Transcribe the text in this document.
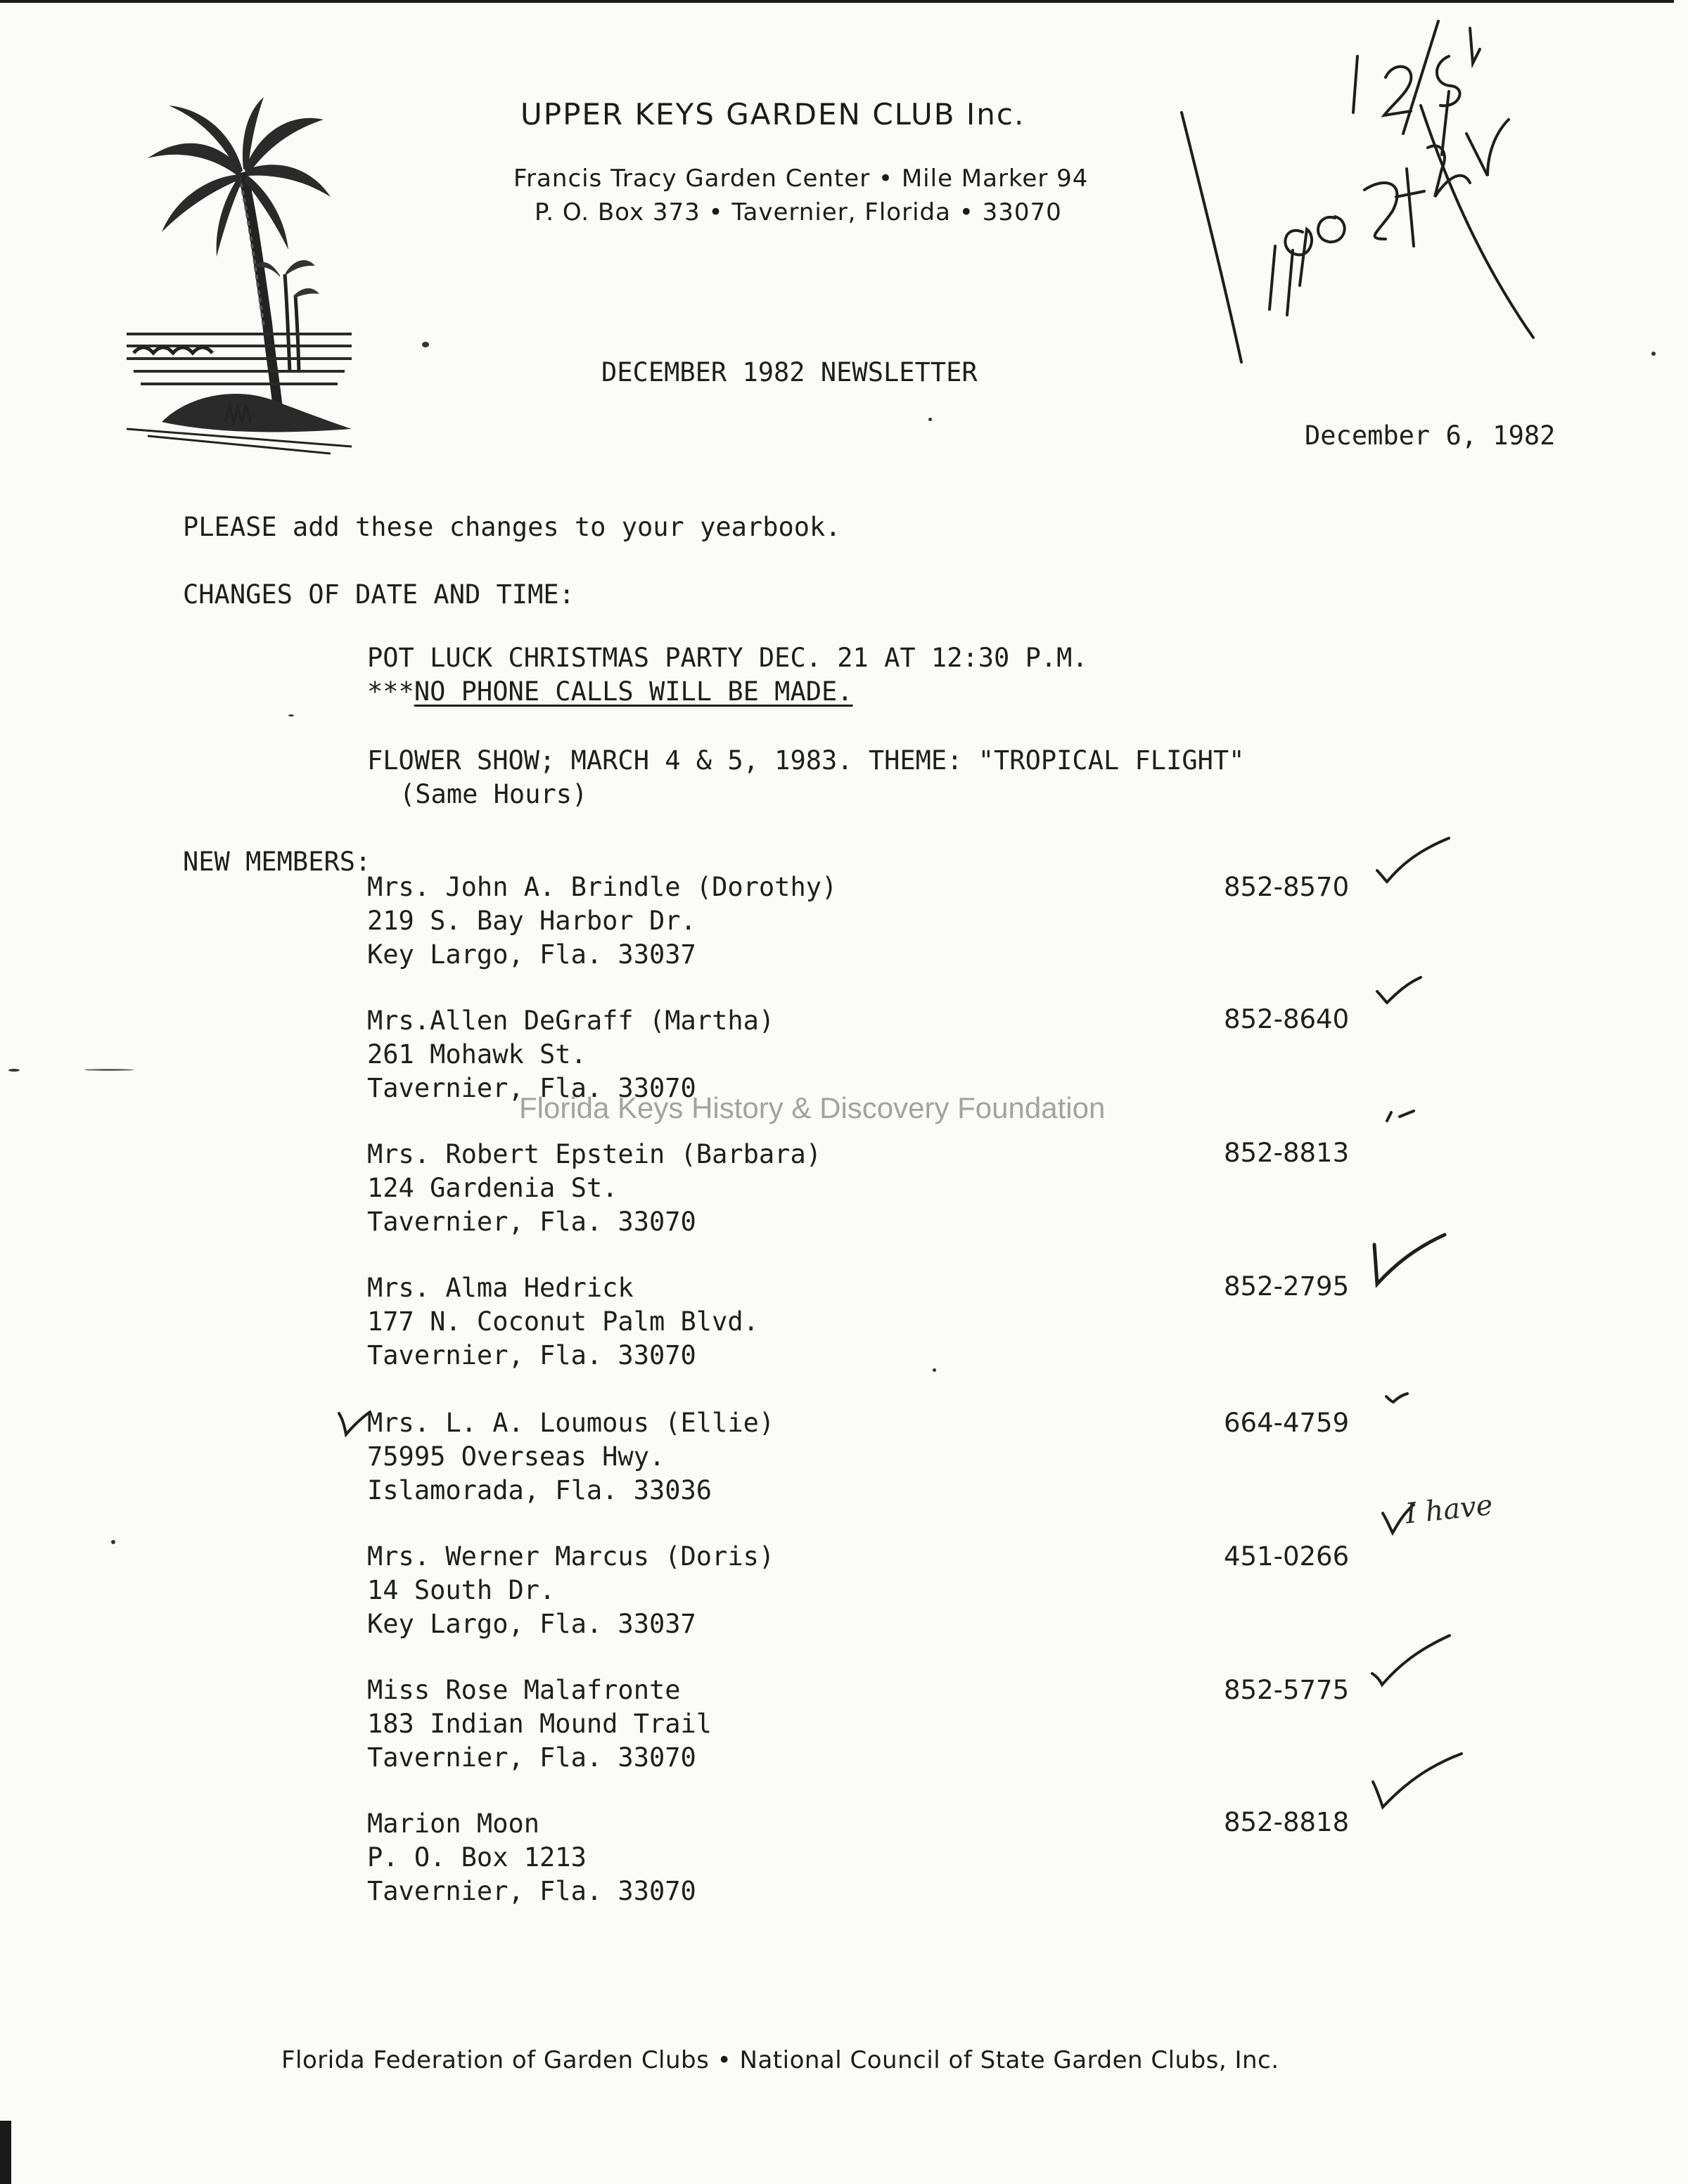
UPPER KEYS GARDEN CLUB Inc.
Francis Tracy Garden Center • Mile Marker 94
P. O. Box 373 • Tavernier, Florida • 33070
DECEMBER 1982 NEWSLETTER
December 6, 1982
PLEASE add these changes to your yearbook.
CHANGES OF DATE AND TIME:
POT LUCK CHRISTMAS PARTY DEC. 21 AT 12:30 P.M.
***NO PHONE CALLS WILL BE MADE.
FLOWER SHOW; MARCH 4 & 5, 1983. THEME: "TROPICAL FLIGHT"
(Same Hours)
NEW MEMBERS:
Mrs. John A. Brindle (Dorothy)
219 S. Bay Harbor Dr.
Key Largo, Fla. 33037
852-8570
Mrs.Allen DeGraff (Martha)
261 Mohawk St.
Tavernier, Fla. 33070
852-8640
Mrs. Robert Epstein (Barbara)
124 Gardenia St.
Tavernier, Fla. 33070
852-8813
Mrs. Alma Hedrick
177 N. Coconut Palm Blvd.
Tavernier, Fla. 33070
852-2795
Mrs. L. A. Loumous (Ellie)
75995 Overseas Hwy.
Islamorada, Fla. 33036
664-4759
Mrs. Werner Marcus (Doris)
14 South Dr.
Key Largo, Fla. 33037
451-0266
Miss Rose Malafronte
183 Indian Mound Trail
Tavernier, Fla. 33070
852-5775
Marion Moon
P. O. Box 1213
Tavernier, Fla. 33070
852-8818
I have
Florida Keys History & Discovery Foundation
Florida Federation of Garden Clubs • National Council of State Garden Clubs, Inc.
